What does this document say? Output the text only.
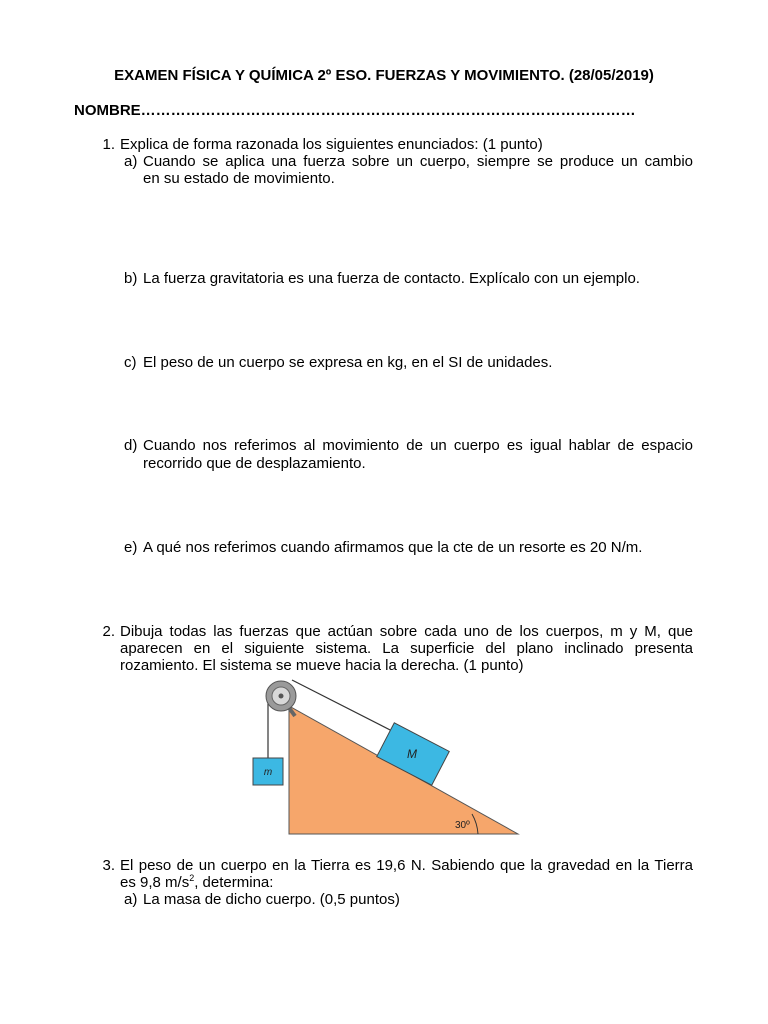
EXAMEN FÍSICA Y QUÍMICA 2º ESO. FUERZAS Y MOVIMIENTO. (28/05/2019)
NOMBRE………………………………………………………………………………………
1. Explica de forma razonada los siguientes enunciados: (1 punto)
a) Cuando se aplica una fuerza sobre un cuerpo, siempre se produce un cambio
en su estado de movimiento.
b) La fuerza gravitatoria es una fuerza de contacto. Explícalo con un ejemplo.
c) El peso de un cuerpo se expresa en kg, en el SI de unidades.
d) Cuando nos referimos al movimiento de un cuerpo es igual hablar de espacio
recorrido que de desplazamiento.
e) A qué nos referimos cuando afirmamos que la cte de un resorte es 20 N/m.
2. Dibuja todas las fuerzas que actúan sobre cada uno de los cuerpos, m y M, que
aparecen en el siguiente sistema. La superficie del plano inclinado presenta
rozamiento. El sistema se mueve hacia la derecha. (1 punto)
M
m
30º
3. El peso de un cuerpo en la Tierra es 19,6 N. Sabiendo que la gravedad en la Tierra
es 9,8 $m/s^2$, determina:
a) La masa de dicho cuerpo. (0,5 puntos)
